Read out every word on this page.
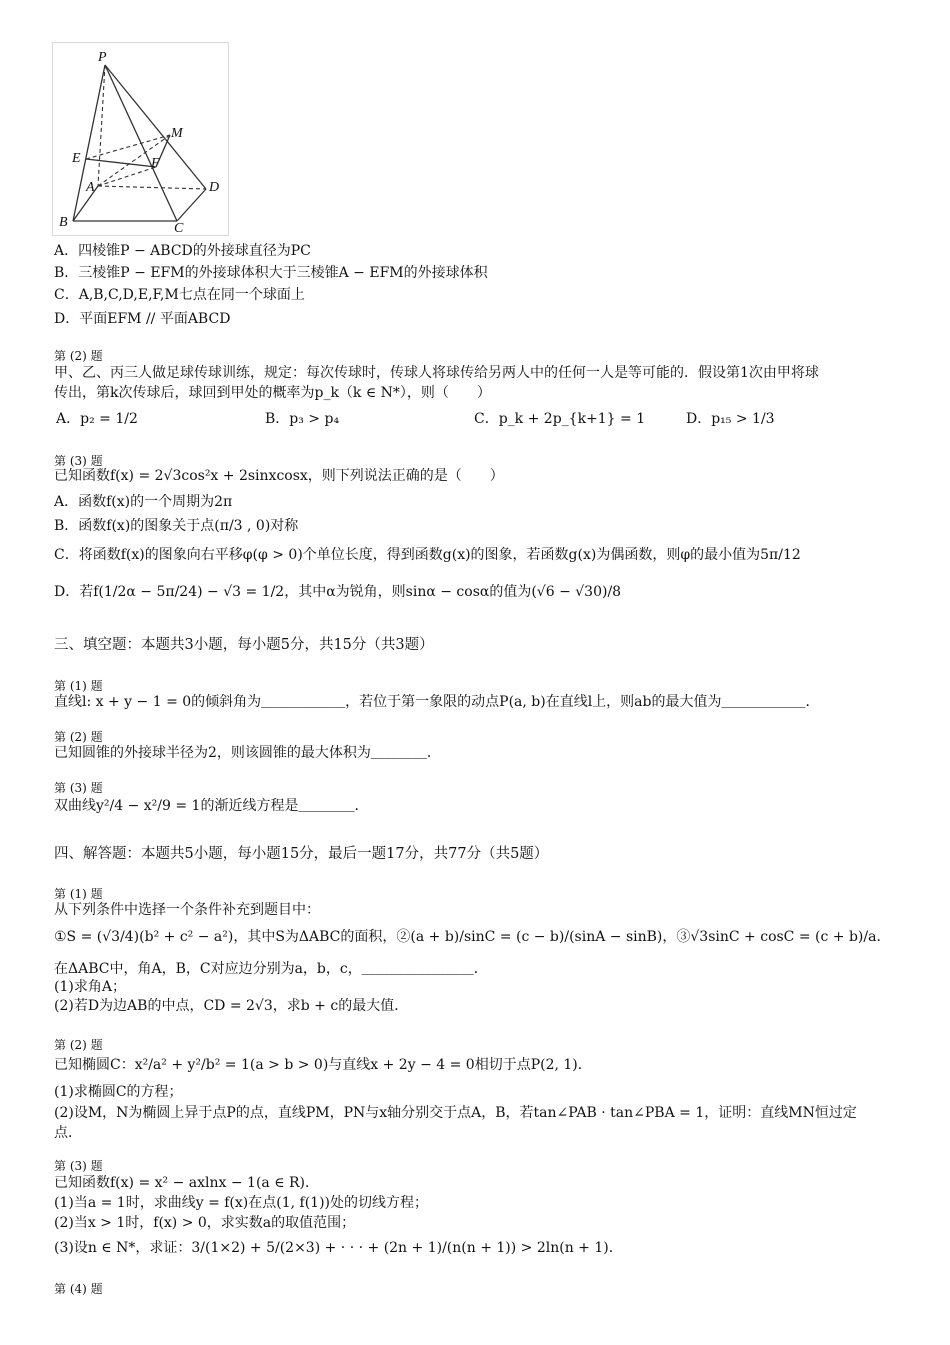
P
M
E	F
A	D
B	C
A．四棱锥P − ABCD的外接球直径为PC
B．三棱锥P − EFM的外接球体积大于三棱锥A − EFM的外接球体积
C．A,B,C,D,E,F,M七点在同一个球面上
D．平面EFM // 平面ABCD
第 (2) 题
甲、乙、丙三人做足球传球训练，规定：每次传球时，传球人将球传给另两人中的任何一人是等可能的．假设第1次由甲将球
传出，第k次传球后，球回到甲处的概率为p_k（k ∈ N*），则（　　）
A．p₂ = 1/2	B．p₃ > p₄	C．p_k + 2p_{k+1} = 1	D．p₁₅ > 1/3
第 (3) 题
已知函数f(x) = 2√3cos²x + 2sinxcosx，则下列说法正确的是（　　）
A．函数f(x)的一个周期为2π
B．函数f(x)的图象关于点(π/3 , 0)对称
C．将函数f(x)的图象向右平移φ(φ > 0)个单位长度，得到函数g(x)的图象，若函数g(x)为偶函数，则φ的最小值为5π/12
D．若f(1/2α − 5π/24) − √3 = 1/2，其中α为锐角，则sinα − cosα的值为(√6 − √30)/8
三、填空题：本题共3小题，每小题5分，共15分（共3题）
第 (1) 题
直线l: x + y − 1 = 0的倾斜角为＿＿＿＿＿＿，若位于第一象限的动点P(a, b)在直线l上，则ab的最大值为＿＿＿＿＿＿．
第 (2) 题
已知圆锥的外接球半径为2，则该圆锥的最大体积为＿＿＿＿．
第 (3) 题
双曲线y²/4 − x²/9 = 1的渐近线方程是＿＿＿＿．
四、解答题：本题共5小题，每小题15分，最后一题17分，共77分（共5题）
第 (1) 题
从下列条件中选择一个条件补充到题目中：
①S = (√3/4)(b² + c² − a²)，其中S为ΔABC的面积，②(a + b)/sinC = (c − b)/(sinA − sinB)，③√3sinC + cosC = (c + b)/a．
在ΔABC中，角A，B，C对应边分别为a，b，c，＿＿＿＿＿＿＿＿．
(1)求角A；
(2)若D为边AB的中点，CD = 2√3，求b + c的最大值．
第 (2) 题
已知椭圆C：x²/a² + y²/b² = 1(a > b > 0)与直线x + 2y − 4 = 0相切于点P(2, 1)．
(1)求椭圆C的方程；
(2)设M，N为椭圆上异于点P的点，直线PM，PN与x轴分别交于点A，B，若tan∠PAB · tan∠PBA = 1，证明：直线MN恒过定
点．
第 (3) 题
已知函数f(x) = x² − axlnx − 1(a ∈ R)．
(1)当a = 1时，求曲线y = f(x)在点(1, f(1))处的切线方程；
(2)当x > 1时，f(x) > 0，求实数a的取值范围；
(3)设n ∈ N*，求证：3/(1×2) + 5/(2×3) + · · · + (2n + 1)/(n(n + 1)) > 2ln(n + 1)．
第 (4) 题
